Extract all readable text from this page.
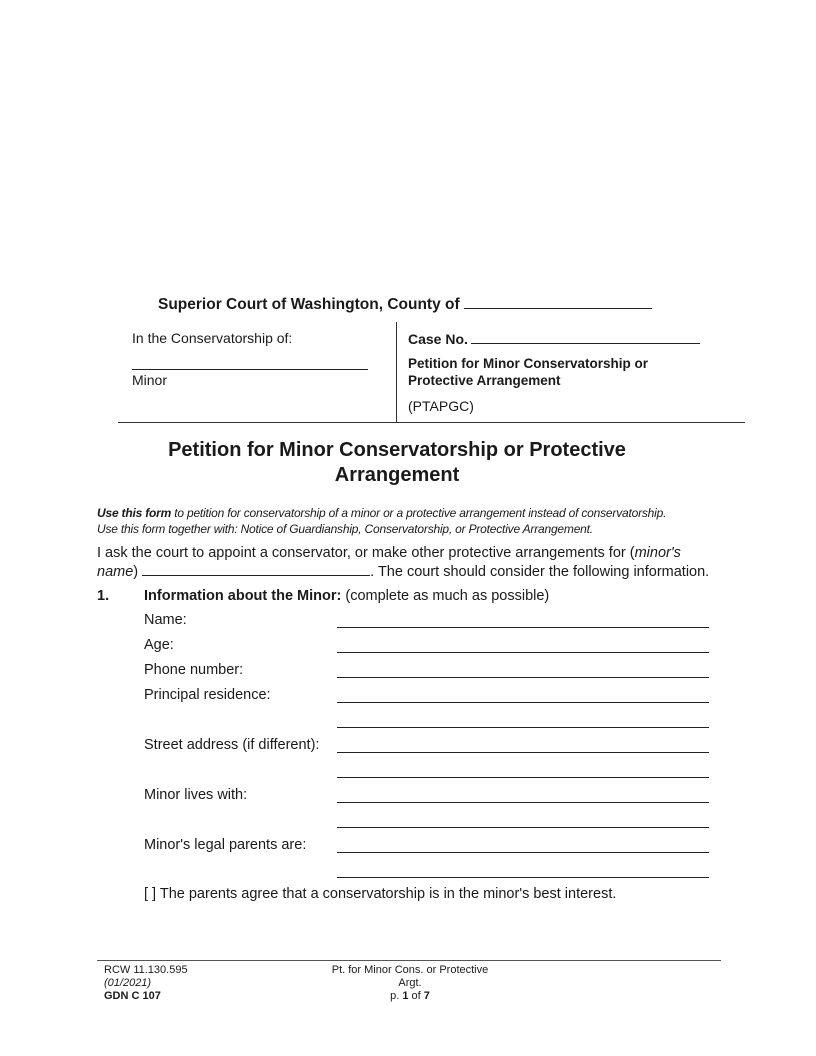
Superior Court of Washington, County of
In the Conservatorship of:
Minor
Case No.
Petition for Minor Conservatorship or Protective Arrangement
(PTAPGC)
Petition for Minor Conservatorship or Protective
Arrangement
Use this form to petition for conservatorship of a minor or a protective arrangement instead of conservatorship.
Use this form together with: Notice of Guardianship, Conservatorship, or Protective Arrangement.
I ask the court to appoint a conservator, or make other protective arrangements for (minor's name)	. The court should consider the following information.
1. Information about the Minor: (complete as much as possible)
Name:
Age:
Phone number:
Principal residence:
Street address (if different):
Minor lives with:
Minor's legal parents are:
[ ] The parents agree that a conservatorship is in the minor's best interest.
RCW 11.130.595
(01/2021)
GDN C 107
Pt. for Minor Cons. or Protective
Argt.
p. 1 of 7
